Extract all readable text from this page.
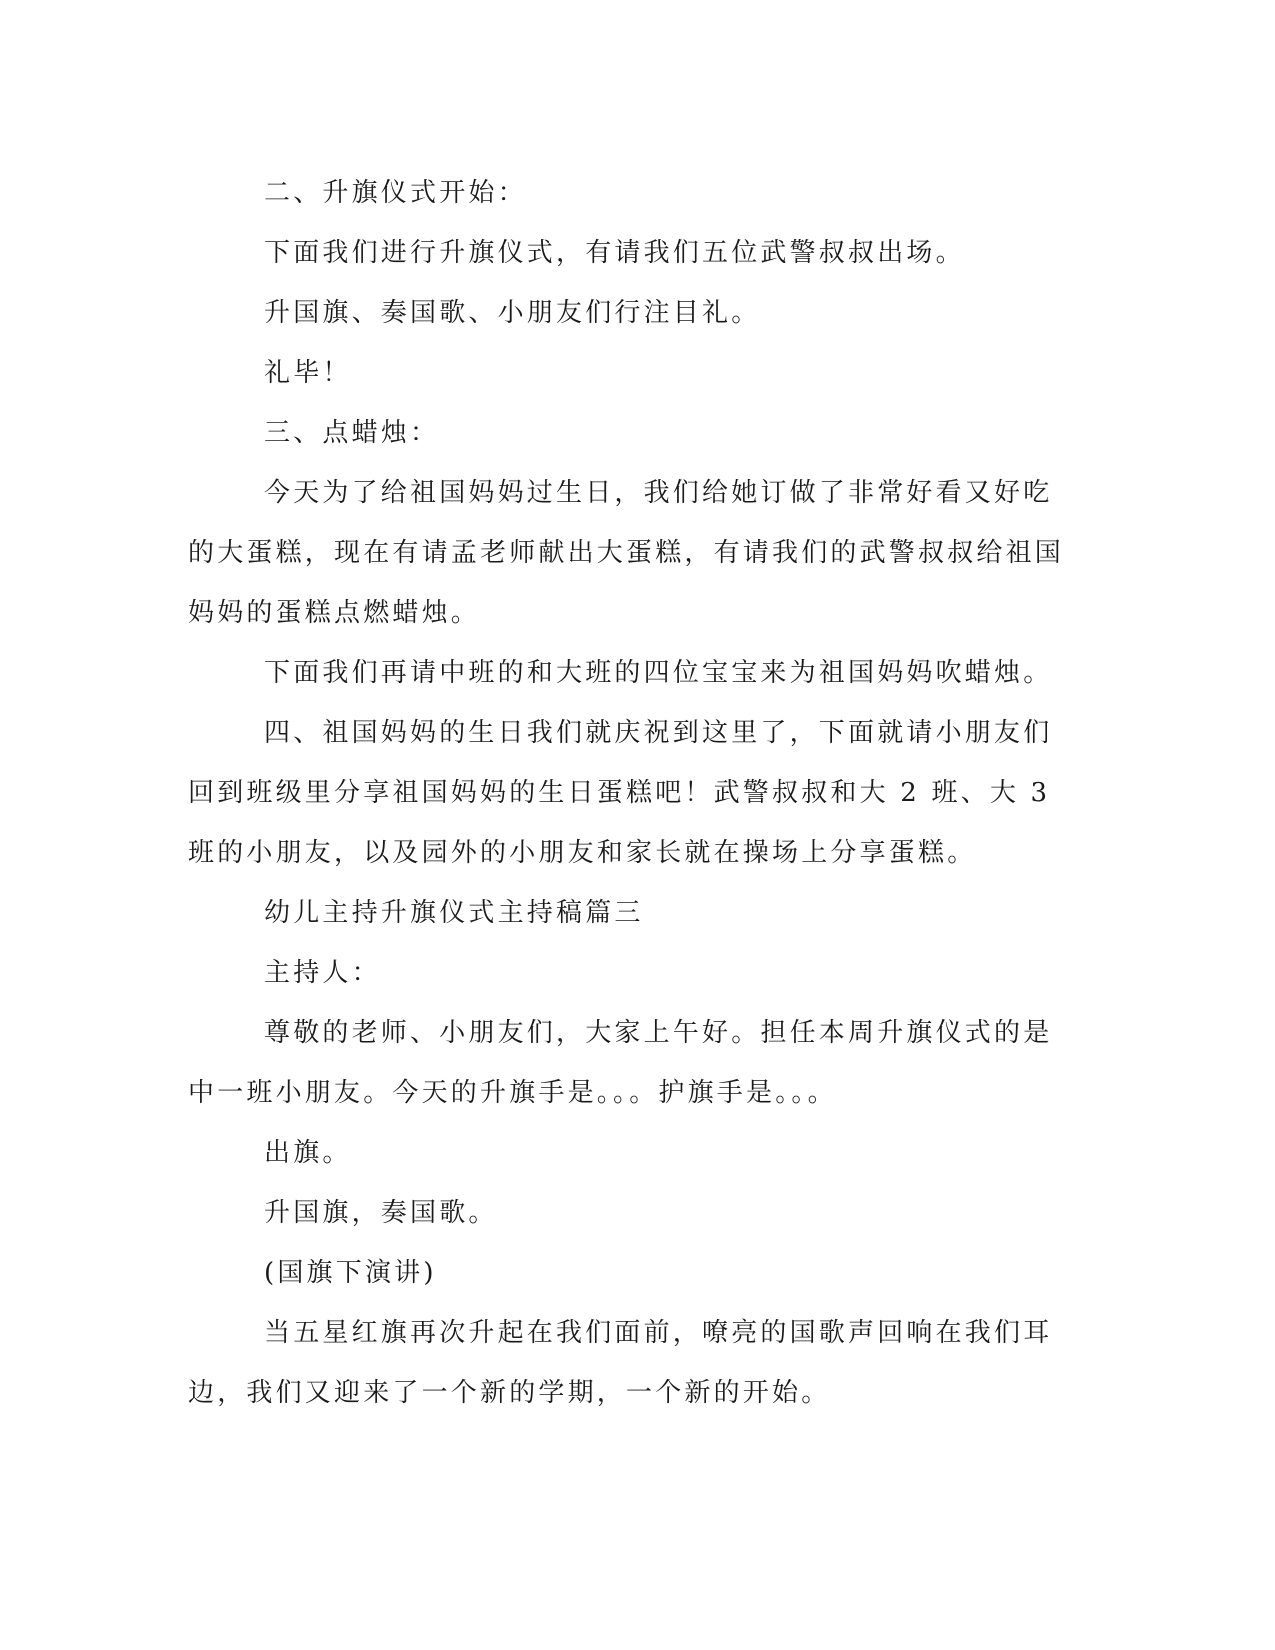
二、升旗仪式开始：

下面我们进行升旗仪式，有请我们五位武警叔叔出场。

升国旗、奏国歌、小朋友们行注目礼。

礼毕！

三、点蜡烛：

今天为了给祖国妈妈过生日，我们给她订做了非常好看又好吃的大蛋糕，现在有请孟老师献出大蛋糕，有请我们的武警叔叔给祖国妈妈的蛋糕点燃蜡烛。

下面我们再请中班的和大班的四位宝宝来为祖国妈妈吹蜡烛。

四、祖国妈妈的生日我们就庆祝到这里了，下面就请小朋友们回到班级里分享祖国妈妈的生日蛋糕吧！武警叔叔和大 2 班、大 3 班的小朋友，以及园外的小朋友和家长就在操场上分享蛋糕。

幼儿主持升旗仪式主持稿篇三

主持人：

尊敬的老师、小朋友们，大家上午好。担任本周升旗仪式的是中一班小朋友。今天的升旗手是。。。护旗手是。。。

出旗。

升国旗，奏国歌。

(国旗下演讲)

当五星红旗再次升起在我们面前，嘹亮的国歌声回响在我们耳边，我们又迎来了一个新的学期，一个新的开始。
